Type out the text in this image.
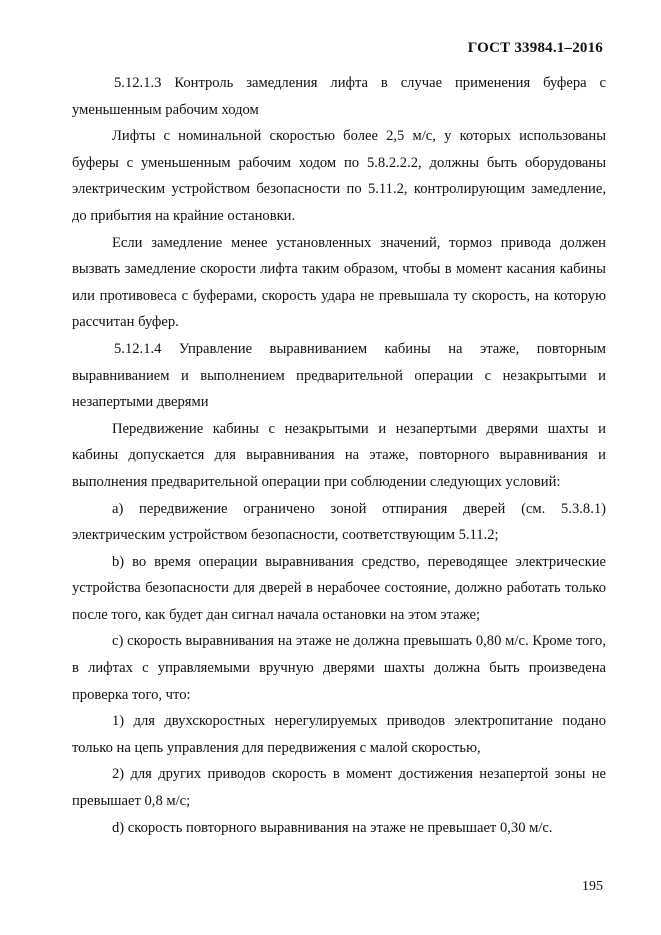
ГОСТ 33984.1–2016

5.12.1.3 Контроль замедления лифта в случае применения буфера с уменьшенным рабочим ходом

Лифты с номинальной скоростью более 2,5 м/с, у которых использованы буферы с уменьшенным рабочим ходом по 5.8.2.2.2, должны быть оборудованы электрическим устройством безопасности по 5.11.2, контролирующим замедление, до прибытия на крайние остановки.

Если замедление менее установленных значений, тормоз привода должен вызвать замедление скорости лифта таким образом, чтобы в момент касания кабины или противовеса с буферами, скорость удара не превышала ту скорость, на которую рассчитан буфер.

5.12.1.4 Управление выравниванием кабины на этаже, повторным выравниванием и выполнением предварительной операции с незакрытыми и незапертыми дверями

Передвижение кабины с незакрытыми и незапертыми дверями шахты и кабины допускается для выравнивания на этаже, повторного выравнивания и выполнения предварительной операции при соблюдении следующих условий:

a) передвижение ограничено зоной отпирания дверей (см. 5.3.8.1) электрическим устройством безопасности, соответствующим 5.11.2;

b) во время операции выравнивания средство, переводящее электрические устройства безопасности для дверей в нерабочее состояние, должно работать только после того, как будет дан сигнал начала остановки на этом этаже;

c) скорость выравнивания на этаже не должна превышать 0,80 м/с. Кроме того, в лифтах с управляемыми вручную дверями шахты должна быть произведена проверка того, что:

1) для двухскоростных нерегулируемых приводов электропитание подано только на цепь управления для передвижения с малой скоростью,

2) для других приводов скорость в момент достижения незапертой зоны не превышает 0,8 м/с;

d) скорость повторного выравнивания на этаже не превышает 0,30 м/с.

195
